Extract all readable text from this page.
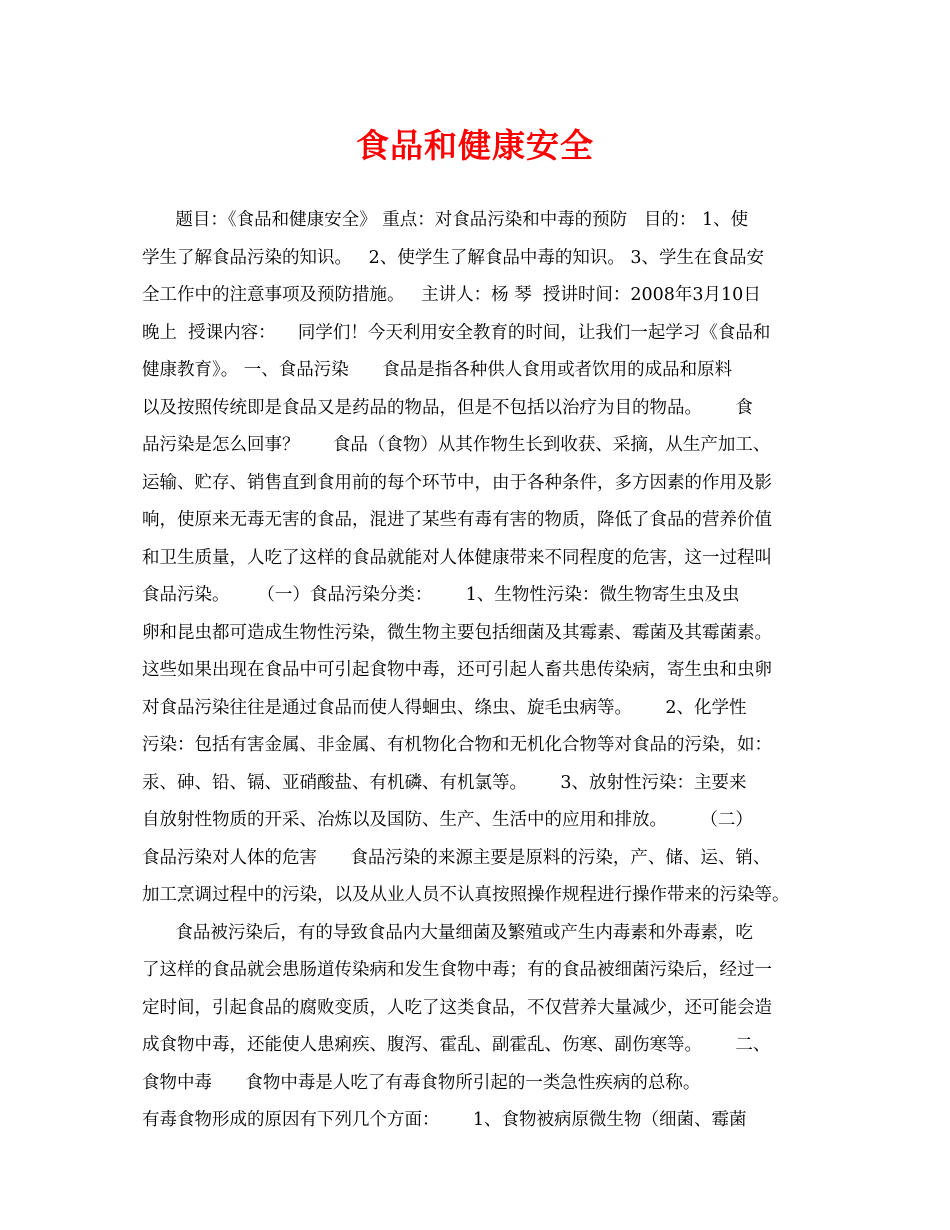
食品和健康安全
题目：《食品和健康安全》 重点：对食品污染和中毒的预防   目的： 1、使
学生了解食品污染的知识。   2、使学生了解食品中毒的知识。 3、学生在食品安
全工作中的注意事项及预防措施。   主讲人：杨 琴  授讲时间：2008年3月10日
晚上  授课内容：    同学们！今天利用安全教育的时间，让我们一起学习《食品和
健康教育》。 一、食品污染      食品是指各种供人食用或者饮用的成品和原料
以及按照传统即是食品又是药品的物品，但是不包括以治疗为目的物品。      食
品污染是怎么回事？      食品（食物）从其作物生长到收获、采摘，从生产加工、
运输、贮存、销售直到食用前的每个环节中，由于各种条件，多方因素的作用及影
响，使原来无毒无害的食品，混进了某些有毒有害的物质，降低了食品的营养价值
和卫生质量，人吃了这样的食品就能对人体健康带来不同程度的危害，这一过程叫
食品污染。     （一）食品污染分类：      1、生物性污染：微生物寄生虫及虫
卵和昆虫都可造成生物性污染，微生物主要包括细菌及其霉素、霉菌及其霉菌素。
这些如果出现在食品中可引起食物中毒，还可引起人畜共患传染病，寄生虫和虫卵
对食品污染往往是通过食品而使人得蛔虫、绦虫、旋毛虫病等。      2、化学性
污染：包括有害金属、非金属、有机物化合物和无机化合物等对食品的污染，如：
汞、砷、铅、镉、亚硝酸盐、有机磷、有机氯等。      3、放射性污染：主要来
自放射性物质的开采、冶炼以及国防、生产、生活中的应用和排放。      （二）
食品污染对人体的危害      食品污染的来源主要是原料的污染，产、储、运、销、
加工烹调过程中的污染，以及从业人员不认真按照操作规程进行操作带来的污染等。
食品被污染后，有的导致食品内大量细菌及繁殖或产生内毒素和外毒素，吃
了这样的食品就会患肠道传染病和发生食物中毒；有的食品被细菌污染后，经过一
定时间，引起食品的腐败变质，人吃了这类食品，不仅营养大量减少，还可能会造
成食物中毒，还能使人患痢疾、腹泻、霍乱、副霍乱、伤寒、副伤寒等。      二、
食物中毒      食物中毒是人吃了有毒食物所引起的一类急性疾病的总称。
有毒食物形成的原因有下列几个方面：      1、食物被病原微生物（细菌、霉菌
